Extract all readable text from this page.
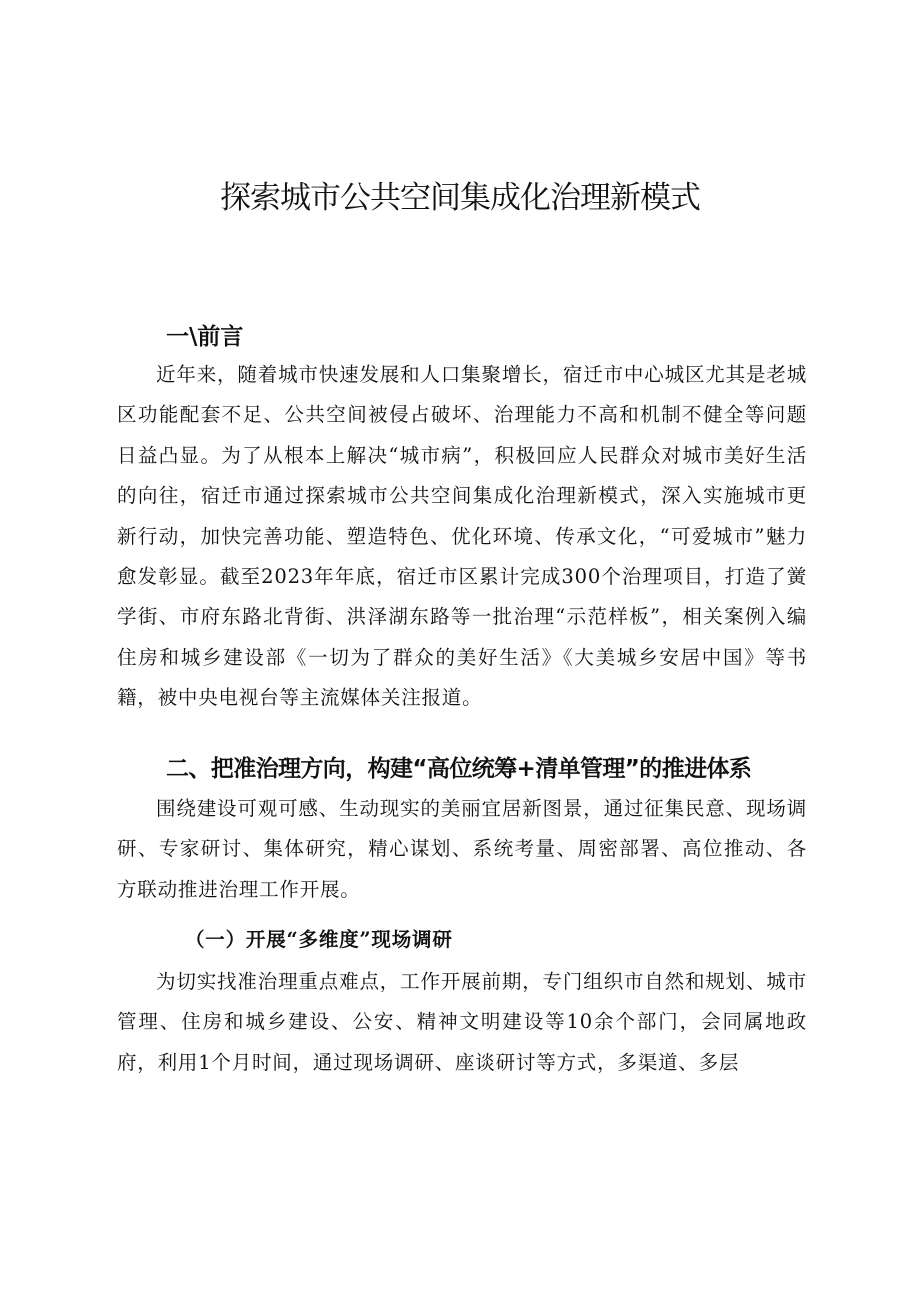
探索城市公共空间集成化治理新模式
一\前言

近年来，随着城市快速发展和人口集聚增长，宿迁市中心城区尤其是老城区功能配套不足、公共空间被侵占破坏、治理能力不高和机制不健全等问题日益凸显。为了从根本上解决“城市病”，积极回应人民群众对城市美好生活的向往，宿迁市通过探索城市公共空间集成化治理新模式，深入实施城市更新行动，加快完善功能、塑造特色、优化环境、传承文化，“可爱城市”魅力愈发彰显。截至2023年年底，宿迁市区累计完成300个治理项目，打造了黉学街、市府东路北背街、洪泽湖东路等一批治理“示范样板”，相关案例入编住房和城乡建设部《一切为了群众的美好生活》《大美城乡安居中国》等书籍，被中央电视台等主流媒体关注报道。

二、把准治理方向，构建“高位统筹+清单管理”的推进体系

围绕建设可观可感、生动现实的美丽宜居新图景，通过征集民意、现场调研、专家研讨、集体研究，精心谋划、系统考量、周密部署、高位推动、各方联动推进治理工作开展。

（一）开展“多维度”现场调研

为切实找准治理重点难点，工作开展前期，专门组织市自然和规划、城市管理、住房和城乡建设、公安、精神文明建设等10余个部门，会同属地政府，利用1个月时间，通过现场调研、座谈研讨等方式，多渠道、多层
